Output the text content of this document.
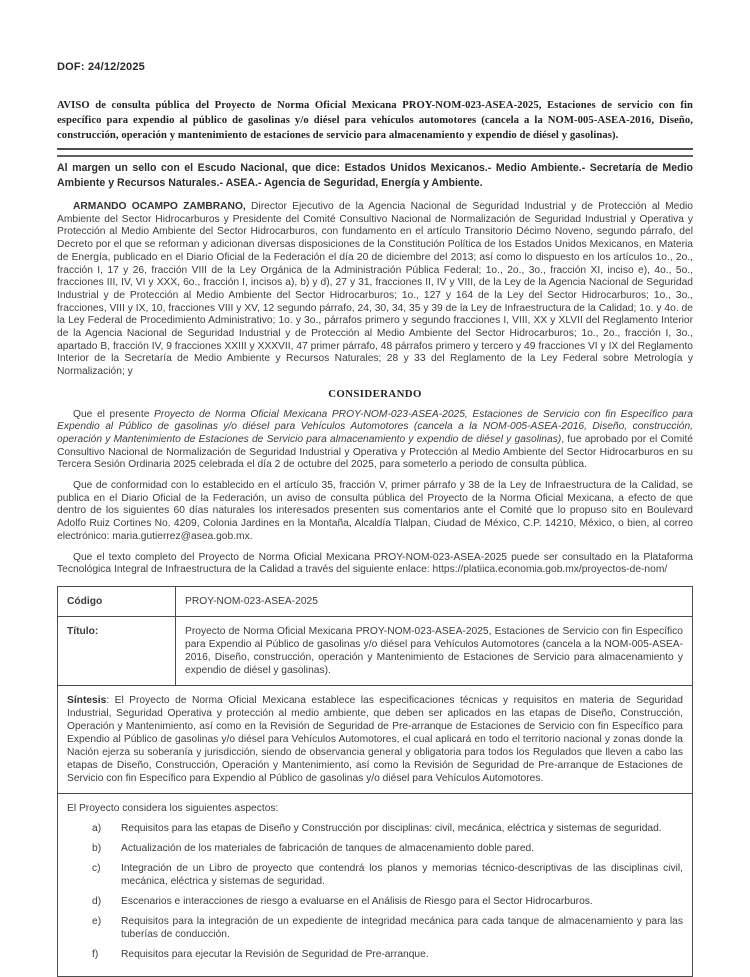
DOF: 24/12/2025
AVISO de consulta pública del Proyecto de Norma Oficial Mexicana PROY-NOM-023-ASEA-2025, Estaciones de servicio con fin específico para expendio al público de gasolinas y/o diésel para vehículos automotores (cancela a la NOM-005-ASEA-2016, Diseño, construcción, operación y mantenimiento de estaciones de servicio para almacenamiento y expendio de diésel y gasolinas).
Al margen un sello con el Escudo Nacional, que dice: Estados Unidos Mexicanos.- Medio Ambiente.- Secretaría de Medio Ambiente y Recursos Naturales.- ASEA.- Agencia de Seguridad, Energía y Ambiente.

ARMANDO OCAMPO ZAMBRANO, Director Ejecutivo de la Agencia Nacional de Seguridad Industrial y de Protección al Medio Ambiente del Sector Hidrocarburos y Presidente del Comité Consultivo Nacional de Normalización de Seguridad Industrial y Operativa y Protección al Medio Ambiente del Sector Hidrocarburos, con fundamento en el artículo Transitorio Décimo Noveno, segundo párrafo, del Decreto por el que se reforman y adicionan diversas disposiciones de la Constitución Política de los Estados Unidos Mexicanos, en Materia de Energía, publicado en el Diario Oficial de la Federación el día 20 de diciembre del 2013; así como lo dispuesto en los artículos 1o., 2o., fracción I, 17 y 26, fracción VIII de la Ley Orgánica de la Administración Pública Federal; 1o., 2o., 3o., fracción XI, inciso e), 4o., 5o., fracciones III, IV, VI y XXX, 6o., fracción I, incisos a), b) y d), 27 y 31, fracciones II, IV y VIII, de la Ley de la Agencia Nacional de Seguridad Industrial y de Protección al Medio Ambiente del Sector Hidrocarburos; 1o., 127 y 164 de la Ley del Sector Hidrocarburos; 1o., 3o., fracciones, VIII y IX, 10, fracciones VIII y XV, 12 segundo párrafo, 24, 30, 34, 35 y 39 de la Ley de Infraestructura de la Calidad; 1o. y 4o. de la Ley Federal de Procedimiento Administrativo; 1o. y 3o., párrafos primero y segundo fracciones I, VIII, XX y XLVII del Reglamento Interior de la Agencia Nacional de Seguridad Industrial y de Protección al Medio Ambiente del Sector Hidrocarburos; 1o., 2o., fracción I, 3o., apartado B, fracción IV, 9 fracciones XXIII y XXXVII, 47 primer párrafo, 48 párrafos primero y tercero y 49 fracciones VI y IX del Reglamento Interior de la Secretaría de Medio Ambiente y Recursos Naturales; 28 y 33 del Reglamento de la Ley Federal sobre Metrología y Normalización; y

CONSIDERANDO

Que el presente Proyecto de Norma Oficial Mexicana PROY-NOM-023-ASEA-2025, Estaciones de Servicio con fin Específico para Expendio al Público de gasolinas y/o diésel para Vehículos Automotores (cancela a la NOM-005-ASEA-2016, Diseño, construcción, operación y Mantenimiento de Estaciones de Servicio para almacenamiento y expendio de diésel y gasolinas), fue aprobado por el Comité Consultivo Nacional de Normalización de Seguridad Industrial y Operativa y Protección al Medio Ambiente del Sector Hidrocarburos en su Tercera Sesión Ordinaria 2025 celebrada el día 2 de octubre del 2025, para someterlo a periodo de consulta pública.

Que de conformidad con lo establecido en el artículo 35, fracción V, primer párrafo y 38 de la Ley de Infraestructura de la Calidad, se publica en el Diario Oficial de la Federación, un aviso de consulta pública del Proyecto de la Norma Oficial Mexicana, a efecto de que dentro de los siguientes 60 días naturales los interesados presenten sus comentarios ante el Comité que lo propuso sito en Boulevard Adolfo Ruiz Cortines No. 4209, Colonia Jardines en la Montaña, Alcaldía Tlalpan, Ciudad de México, C.P. 14210, México, o bien, al correo electrónico: maria.gutierrez@asea.gob.mx.

Que el texto completo del Proyecto de Norma Oficial Mexicana PROY-NOM-023-ASEA-2025 puede ser consultado en la Plataforma Tecnológica Integral de Infraestructura de la Calidad a través del siguiente enlace: https://platiica.economia.gob.mx/proyectos-de-nom/

Código	PROY-NOM-023-ASEA-2025
Título:	Proyecto de Norma Oficial Mexicana PROY-NOM-023-ASEA-2025, Estaciones de Servicio con fin Específico para Expendio al Público de gasolinas y/o diésel para Vehículos Automotores (cancela a la NOM-005-ASEA-2016, Diseño, construcción, operación y Mantenimiento de Estaciones de Servicio para almacenamiento y expendio de diésel y gasolinas).
Síntesis: El Proyecto de Norma Oficial Mexicana establece las especificaciones técnicas y requisitos en materia de Seguridad Industrial, Seguridad Operativa y protección al medio ambiente, que deben ser aplicados en las etapas de Diseño, Construcción, Operación y Mantenimiento, así como en la Revisión de Seguridad de Pre-arranque de Estaciones de Servicio con fin Específico para Expendio al Público de gasolinas y/o diésel para Vehículos Automotores, el cual aplicará en todo el territorio nacional y zonas donde la Nación ejerza su soberanía y jurisdicción, siendo de observancia general y obligatoria para todos los Regulados que lleven a cabo las etapas de Diseño, Construcción, Operación y Mantenimiento, así como la Revisión de Seguridad de Pre-arranque de Estaciones de Servicio con fin Específico para Expendio al Público de gasolinas y/o diésel para Vehículos Automotores.	

El Proyecto considera los siguientes aspectos:
a)	Requisitos para las etapas de Diseño y Construcción por disciplinas: civil, mecánica, eléctrica y sistemas de seguridad.
b)	Actualización de los materiales de fabricación de tanques de almacenamiento doble pared.
c)	Integración de un Libro de proyecto que contendrá los planos y memorias técnico-descriptivas de las disciplinas civil, mecánica, eléctrica y sistemas de seguridad.
d)	Escenarios e interacciones de riesgo a evaluarse en el Análisis de Riesgo para el Sector Hidrocarburos.
e)	Requisitos para la integración de un expediente de integridad mecánica para cada tanque de almacenamiento y para las tuberías de conducción.
f)	Requisitos para ejecutar la Revisión de Seguridad de Pre-arranque.
